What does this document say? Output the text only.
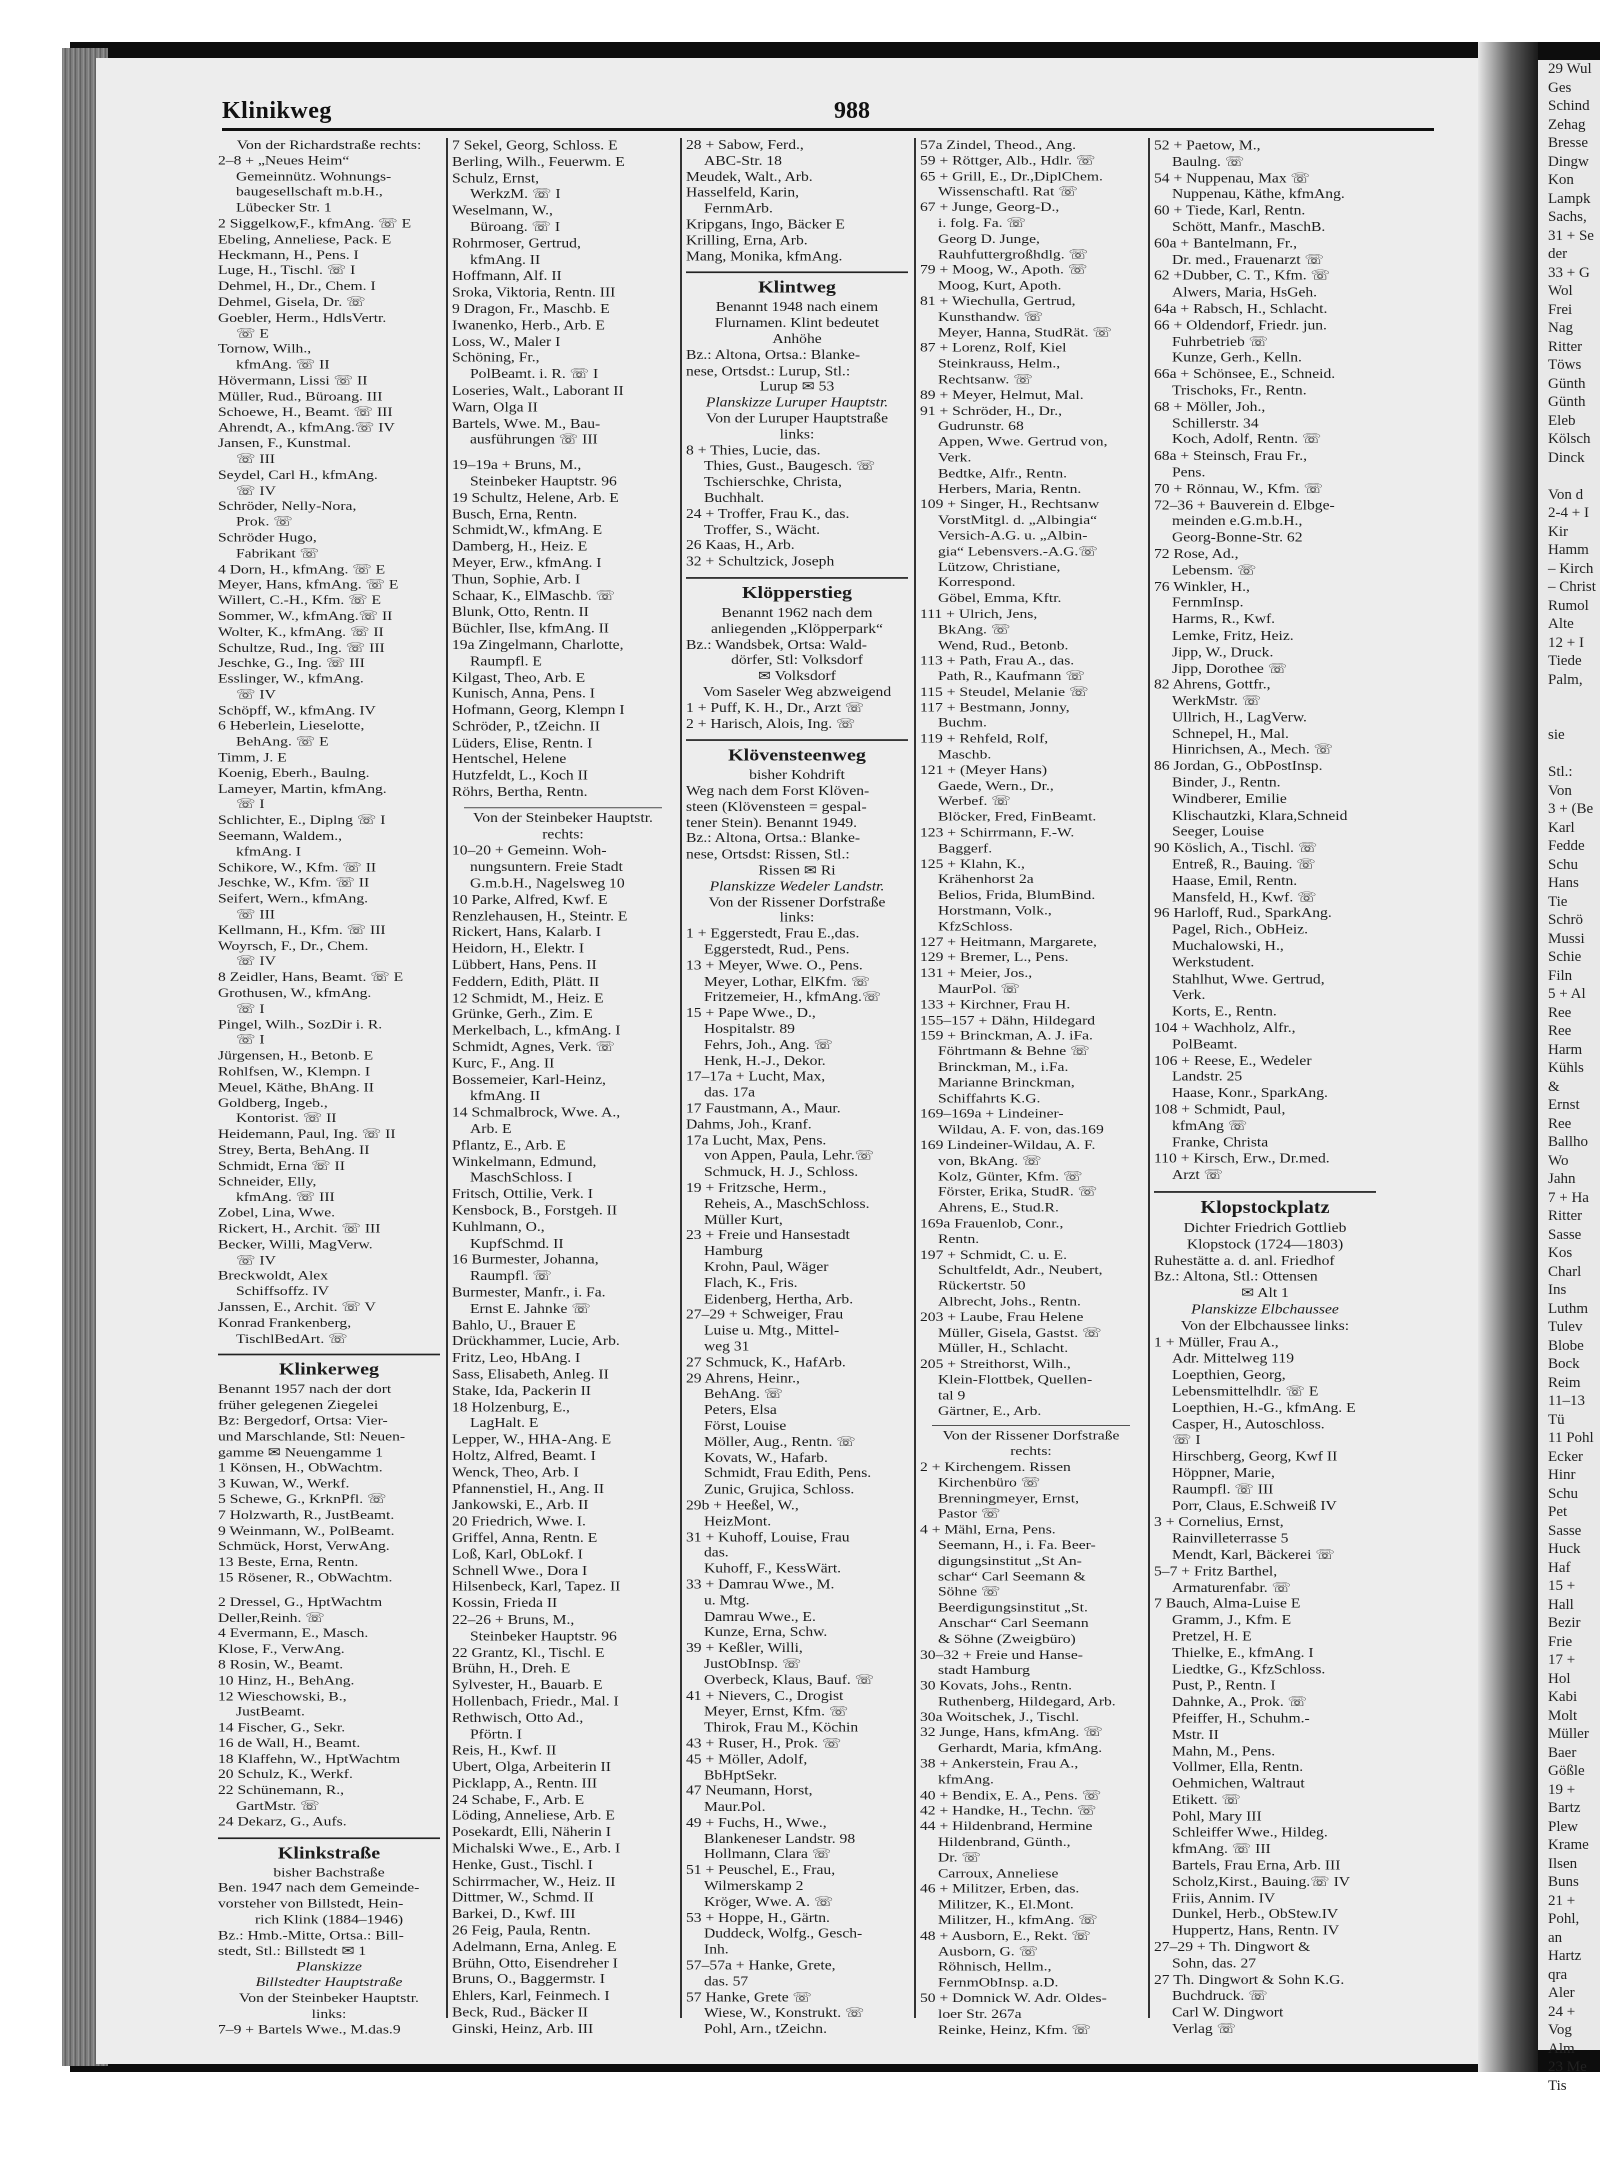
29 Wul
Ges
Schind
Zehag
Bresse
Dingw
Kon
Lampk
Sachs,
31 + Se
der
33 + G
Wol
Frei
Nag
Ritter
Töws
Günth
Günth
Eleb
Kölsch
Dinck

Von d
2-4 + I
Kir
Hamm
– Kirch
– Christ
Rumol
Alte
12 + I
Tiede
Palm,

sie

Stl.:
Von
3 + (Be
Karl
Fedde
Schu
Hans
Tie
Schrö
Mussi
Schie
Filn
5 + Al
Ree
Ree
Harm
Kühls
&
Ernst
Ree
Ballho
Wo
Jahn
7 + Ha
Ritter
Sasse
Kos
Charl
Ins
Luthm
Tulev
Blobe
Bock
Reim
11–13
Tü
11 Pohl
Ecker
Hinr
Schu
Pet
Sasse
Huck
Haf
15 +
Hall
Bezir
Frie
17 +
Hol
Kabi
Molt
Müller
Baer
Gößle
19 +
Bartz
Plew
Krame
Ilsen
Buns
21 +
Pohl,
an
Hartz
qra
Aler
24 +
Vog
Alm
23 Me
Tis
Klinikweg	988
Von der Richardstraße rechts:
2–8 + „Neues Heim“
Gemeinnütz. Wohnungs-
baugesellschaft m.b.H.,
Lübecker Str. 1
2 Siggelkow,F., kfmAng. ☏ E
Ebeling, Anneliese, Pack. E
Heckmann, H., Pens. I
Luge, H., Tischl. ☏ I
Dehmel, H., Dr., Chem. I
Dehmel, Gisela, Dr. ☏
Goebler, Herm., HdlsVertr.
☏ E
Tornow, Wilh.,
kfmAng. ☏ II
Hövermann, Lissi ☏ II
Müller, Rud., Büroang. III
Schoewe, H., Beamt. ☏ III
Ahrendt, A., kfmAng.☏ IV
Jansen, F., Kunstmal.
☏ III
Seydel, Carl H., kfmAng.
☏ IV
Schröder, Nelly-Nora,
Prok. ☏
Schröder Hugo,
Fabrikant ☏
4 Dorn, H., kfmAng. ☏ E
Meyer, Hans, kfmAng. ☏ E
Willert, C.-H., Kfm. ☏ E
Sommer, W., kfmAng.☏ II
Wolter, K., kfmAng. ☏ II
Schultze, Rud., Ing. ☏ III
Jeschke, G., Ing. ☏ III
Esslinger, W., kfmAng.
☏ IV
Schöpff, W., kfmAng. IV
6 Heberlein, Lieselotte,
BehAng. ☏ E
Timm, J. E
Koenig, Eberh., Baulng.
Lameyer, Martin, kfmAng.
☏ I
Schlichter, E., Diplng ☏ I
Seemann, Waldem.,
kfmAng. I
Schikore, W., Kfm. ☏ II
Jeschke, W., Kfm. ☏ II
Seifert, Wern., kfmAng.
☏ III
Kellmann, H., Kfm. ☏ III
Woyrsch, F., Dr., Chem.
☏ IV
8 Zeidler, Hans, Beamt. ☏ E
Grothusen, W., kfmAng.
☏ I
Pingel, Wilh., SozDir i. R.
☏ I
Jürgensen, H., Betonb. E
Rohlfsen, W., Klempn. I
Meuel, Käthe, BhAng. II
Goldberg, Ingeb.,
Kontorist. ☏ II
Heidemann, Paul, Ing. ☏ II
Strey, Berta, BehAng. II
Schmidt, Erna ☏ II
Schneider, Elly,
kfmAng. ☏ III
Zobel, Lina, Wwe.
Rickert, H., Archit. ☏ III
Becker, Willi, MagVerw.
☏ IV
Breckwoldt, Alex
Schiffsoffz. IV
Janssen, E., Archit. ☏ V
Konrad Frankenberg,
TischlBedArt. ☏
Klinkerweg
Benannt 1957 nach der dort
früher gelegenen Ziegelei
Bz: Bergedorf, Ortsa: Vier-
und Marschlande, Stl: Neuen-
gamme ✉ Neuengamme 1
1 Könsen, H., ObWachtm.
3 Kuwan, W., Werkf.
5 Schewe, G., KrknPfl. ☏
7 Holzwarth, R., JustBeamt.
9 Weinmann, W., PolBeamt.
Schmück, Horst, VerwAng.
13 Beste, Erna, Rentn.
15 Rösener, R., ObWachtm.
2 Dressel, G., HptWachtm
Deller,Reinh. ☏
4 Evermann, E., Masch.
Klose, F., VerwAng.
8 Rosin, W., Beamt.
10 Hinz, H., BehAng.
12 Wieschowski, B.,
JustBeamt.
14 Fischer, G., Sekr.
16 de Wall, H., Beamt.
18 Klaffehn, W., HptWachtm
20 Schulz, K., Werkf.
22 Schünemann, R.,
GartMstr. ☏
24 Dekarz, G., Aufs.
Klinkstraße
bisher Bachstraße
Ben. 1947 nach dem Gemeinde-
vorsteher von Billstedt, Hein-
rich Klink (1884–1946)
Bz.: Hmb.-Mitte, Ortsa.: Bill-
stedt, Stl.: Billstedt ✉ 1
Planskizze
Billstedter Hauptstraße
Von der Steinbeker Hauptstr.
links:
7–9 + Bartels Wwe., M.das.9
7 Sekel, Georg, Schloss. E
Berling, Wilh., Feuerwm. E
Schulz, Ernst,
WerkzM. ☏ I
Weselmann, W.,
Büroang. ☏ I
Rohrmoser, Gertrud,
kfmAng. II
Hoffmann, Alf. II
Sroka, Viktoria, Rentn. III
9 Dragon, Fr., Maschb. E
Iwanenko, Herb., Arb. E
Loss, W., Maler I
Schöning, Fr.,
PolBeamt. i. R. ☏ I
Loseries, Walt., Laborant II
Warn, Olga II
Bartels, Wwe. M., Bau-
ausführungen ☏ III
19–19a + Bruns, M.,
Steinbeker Hauptstr. 96
19 Schultz, Helene, Arb. E
Busch, Erna, Rentn.
Schmidt,W., kfmAng. E
Damberg, H., Heiz. E
Meyer, Erw., kfmAng. I
Thun, Sophie, Arb. I
Schaar, K., ElMaschb. ☏
Blunk, Otto, Rentn. II
Büchler, Ilse, kfmAng. II
19a Zingelmann, Charlotte,
Raumpfl. E
Kilgast, Theo, Arb. E
Kunisch, Anna, Pens. I
Hofmann, Georg, Klempn I
Schröder, P., tZeichn. II
Lüders, Elise, Rentn. I
Hentschel, Helene
Hutzfeldt, L., Koch II
Röhrs, Bertha, Rentn.
Von der Steinbeker Hauptstr.
rechts:
10–20 + Gemeinn. Woh-
nungsuntern. Freie Stadt
G.m.b.H., Nagelsweg 10
10 Parke, Alfred, Kwf. E
Renzlehausen, H., Steintr. E
Rickert, Hans, Kalarb. I
Heidorn, H., Elektr. I
Lübbert, Hans, Pens. II
Feddern, Edith, Plätt. II
12 Schmidt, M., Heiz. E
Grünke, Gerh., Zim. E
Merkelbach, L., kfmAng. I
Schmidt, Agnes, Verk. ☏
Kurc, F., Ang. II
Bossemeier, Karl-Heinz,
kfmAng. II
14 Schmalbrock, Wwe. A.,
Arb. E
Pflantz, E., Arb. E
Winkelmann, Edmund,
MaschSchloss. I
Fritsch, Ottilie, Verk. I
Kensbock, B., Forstgeh. II
Kuhlmann, O.,
KupfSchmd. II
16 Burmester, Johanna,
Raumpfl. ☏
Burmester, Manfr., i. Fa.
Ernst E. Jahnke ☏
Bahlo, U., Brauer E
Drückhammer, Lucie, Arb.
Fritz, Leo, HbAng. I
Sass, Elisabeth, Anleg. II
Stake, Ida, Packerin II
18 Holzenburg, E.,
LagHalt. E
Lepper, W., HHA-Ang. E
Holtz, Alfred, Beamt. I
Wenck, Theo, Arb. I
Pfannenstiel, H., Ang. II
Jankowski, E., Arb. II
20 Friedrich, Wwe. I.
Griffel, Anna, Rentn. E
Loß, Karl, ObLokf. I
Schnell Wwe., Dora I
Hilsenbeck, Karl, Tapez. II
Kossin, Frieda II
22–26 + Bruns, M.,
Steinbeker Hauptstr. 96
22 Grantz, Kl., Tischl. E
Brühn, H., Dreh. E
Sylvester, H., Bauarb. E
Hollenbach, Friedr., Mal. I
Rethwisch, Otto Ad.,
Pförtn. I
Reis, H., Kwf. II
Ubert, Olga, Arbeiterin II
Picklapp, A., Rentn. III
24 Schabe, F., Arb. E
Löding, Anneliese, Arb. E
Posekardt, Elli, Näherin I
Michalski Wwe., E., Arb. I
Henke, Gust., Tischl. I
Schirrmacher, W., Heiz. II
Dittmer, W., Schmd. II
Barkei, D., Kwf. III
26 Feig, Paula, Rentn.
Adelmann, Erna, Anleg. E
Brühn, Otto, Eisendreher I
Bruns, O., Baggermstr. I
Ehlers, Karl, Feinmech. I
Beck, Rud., Bäcker II
Ginski, Heinz, Arb. III
28 + Sabow, Ferd.,
ABC-Str. 18
Meudek, Walt., Arb.
Hasselfeld, Karin,
FernmArb.
Kripgans, Ingo, Bäcker E
Krilling, Erna, Arb.
Mang, Monika, kfmAng.
Klintweg
Benannt 1948 nach einem
Flurnamen. Klint bedeutet
Anhöhe
Bz.: Altona, Ortsa.: Blanke-
nese, Ortsdst.: Lurup, Stl.:
Lurup ✉ 53
Planskizze Luruper Hauptstr.
Von der Luruper Hauptstraße
links:
8 + Thies, Lucie, das.
Thies, Gust., Baugesch. ☏
Tschierschke, Christa,
Buchhalt.
24 + Troffer, Frau K., das.
Troffer, S., Wächt.
26 Kaas, H., Arb.
32 + Schultzick, Joseph
Klöpperstieg
Benannt 1962 nach dem
anliegenden „Klöpperpark“
Bz.: Wandsbek, Ortsa: Wald-
dörfer, Stl: Volksdorf
✉ Volksdorf
Vom Saseler Weg abzweigend
1 + Puff, K. H., Dr., Arzt ☏
2 + Harisch, Alois, Ing. ☏
Klövensteenweg
bisher Kohdrift
Weg nach dem Forst Klöven-
steen (Klövensteen = gespal-
tener Stein). Benannt 1949.
Bz.: Altona, Ortsa.: Blanke-
nese, Ortsdst: Rissen, Stl.:
Rissen ✉ Ri
Planskizze Wedeler Landstr.
Von der Rissener Dorfstraße
links:
1 + Eggerstedt, Frau E.,das.
Eggerstedt, Rud., Pens.
13 + Meyer, Wwe. O., Pens.
Meyer, Lothar, ElKfm. ☏
Fritzemeier, H., kfmAng.☏
15 + Pape Wwe., D.,
Hospitalstr. 89
Fehrs, Joh., Ang. ☏
Henk, H.-J., Dekor.
17–17a + Lucht, Max,
das. 17a
17 Faustmann, A., Maur.
Dahms, Joh., Kranf.
17a Lucht, Max, Pens.
von Appen, Paula, Lehr.☏
Schmuck, H. J., Schloss.
19 + Fritzsche, Herm.,
Reheis, A., MaschSchloss.
Müller Kurt,
23 + Freie und Hansestadt
Hamburg
Krohn, Paul, Wäger
Flach, K., Fris.
Eidenberg, Hertha, Arb.
27–29 + Schweiger, Frau
Luise u. Mtg., Mittel-
weg 31
27 Schmuck, K., HafArb.
29 Ahrens, Heinr.,
BehAng. ☏
Peters, Elsa
Först, Louise
Möller, Aug., Rentn. ☏
Kovats, W., Hafarb.
Schmidt, Frau Edith, Pens.
Zunic, Grujica, Schloss.
29b + Heeßel, W.,
HeizMont.
31 + Kuhoff, Louise, Frau
das.
Kuhoff, F., KessWärt.
33 + Damrau Wwe., M.
u. Mtg.
Damrau Wwe., E.
Kunze, Erna, Schw.
39 + Keßler, Willi,
JustObInsp. ☏
Overbeck, Klaus, Bauf. ☏
41 + Nievers, C., Drogist
Meyer, Ernst, Kfm. ☏
Thirok, Frau M., Köchin
43 + Ruser, H., Prok. ☏
45 + Möller, Adolf,
BbHptSekr.
47 Neumann, Horst,
Maur.Pol.
49 + Fuchs, H., Wwe.,
Blankeneser Landstr. 98
Hollmann, Clara ☏
51 + Peuschel, E., Frau,
Wilmerskamp 2
Kröger, Wwe. A. ☏
53 + Hoppe, H., Gärtn.
Duddeck, Wolfg., Gesch-
Inh.
57–57a + Hanke, Grete,
das. 57
57 Hanke, Grete ☏
Wiese, W., Konstrukt. ☏
Pohl, Arn., tZeichn.
57a Zindel, Theod., Ang.
59 + Röttger, Alb., Hdlr. ☏
65 + Grill, E., Dr.,DiplChem.
Wissenschaftl. Rat ☏
67 + Junge, Georg-D.,
i. folg. Fa. ☏
Georg D. Junge,
Rauhfuttergroßhdlg. ☏
79 + Moog, W., Apoth. ☏
Moog, Kurt, Apoth.
81 + Wiechulla, Gertrud,
Kunsthandw. ☏
Meyer, Hanna, StudRät. ☏
87 + Lorenz, Rolf, Kiel
Steinkrauss, Helm.,
Rechtsanw. ☏
89 + Meyer, Helmut, Mal.
91 + Schröder, H., Dr.,
Gudrunstr. 68
Appen, Wwe. Gertrud von,
Verk.
Bedtke, Alfr., Rentn.
Herbers, Maria, Rentn.
109 + Singer, H., Rechtsanw
VorstMitgl. d. „Albingia“
Versich-A.G. u. „Albin-
gia“ Lebensvers.-A.G.☏
Lützow, Christiane,
Korrespond.
Göbel, Emma, Kftr.
111 + Ulrich, Jens,
BkAng. ☏
Wend, Rud., Betonb.
113 + Path, Frau A., das.
Path, R., Kaufmann ☏
115 + Steudel, Melanie ☏
117 + Bestmann, Jonny,
Buchm.
119 + Rehfeld, Rolf,
Maschb.
121 + (Meyer Hans)
Gaede, Wern., Dr.,
Werbef. ☏
Blöcker, Fred, FinBeamt.
123 + Schirrmann, F.-W.
Baggerf.
125 + Klahn, K.,
Krähenhorst 2a
Belios, Frida, BlumBind.
Horstmann, Volk.,
KfzSchloss.
127 + Heitmann, Margarete,
129 + Bremer, L., Pens.
131 + Meier, Jos.,
MaurPol. ☏
133 + Kirchner, Frau H.
155–157 + Dähn, Hildegard
159 + Brinckman, A. J. iFa.
Föhrtmann & Behne ☏
Brinckman, M., i.Fa.
Marianne Brinckman,
Schiffahrts K.G.
169–169a + Lindeiner-
Wildau, A. F. von, das.169
169 Lindeiner-Wildau, A. F.
von, BkAng. ☏
Kolz, Günter, Kfm. ☏
Förster, Erika, StudR. ☏
Ahrens, E., Stud.R.
169a Frauenlob, Conr.,
Rentn.
197 + Schmidt, C. u. E.
Schultfeldt, Adr., Neubert,
Rückertstr. 50
Albrecht, Johs., Rentn.
203 + Laube, Frau Helene
Müller, Gisela, Gastst. ☏
Müller, H., Schlacht.
205 + Streithorst, Wilh.,
Klein-Flottbek, Quellen-
tal 9
Gärtner, E., Arb.
Von der Rissener Dorfstraße
rechts:
2 + Kirchengem. Rissen
Kirchenbüro ☏
Brenningmeyer, Ernst,
Pastor ☏
4 + Mähl, Erna, Pens.
Seemann, H., i. Fa. Beer-
digungsinstitut „St An-
schar“ Carl Seemann &
Söhne ☏
Beerdigungsinstitut „St.
Anschar“ Carl Seemann
& Söhne (Zweigbüro)
30–32 + Freie und Hanse-
stadt Hamburg
30 Kovats, Johs., Rentn.
Ruthenberg, Hildegard, Arb.
30a Woitschek, J., Tischl.
32 Junge, Hans, kfmAng. ☏
Gerhardt, Maria, kfmAng.
38 + Ankerstein, Frau A.,
kfmAng.
40 + Bendix, E. A., Pens. ☏
42 + Handke, H., Techn. ☏
44 + Hildenbrand, Hermine
Hildenbrand, Günth.,
Dr. ☏
Carroux, Anneliese
46 + Militzer, Erben, das.
Militzer, K., El.Mont.
Militzer, H., kfmAng. ☏
48 + Ausborn, E., Rekt. ☏
Ausborn, G. ☏
Röhnisch, Hellm.,
FernmObInsp. a.D.
50 + Domnick W. Adr. Oldes-
loer Str. 267a
Reinke, Heinz, Kfm. ☏
52 + Paetow, M.,
Baulng. ☏
54 + Nuppenau, Max ☏
Nuppenau, Käthe, kfmAng.
60 + Tiede, Karl, Rentn.
Schött, Manfr., MaschB.
60a + Bantelmann, Fr.,
Dr. med., Frauenarzt ☏
62 +Dubber, C. T., Kfm. ☏
Alwers, Maria, HsGeh.
64a + Rabsch, H., Schlacht.
66 + Oldendorf, Friedr. jun.
Fuhrbetrieb ☏
Kunze, Gerh., Kelln.
66a + Schönsee, E., Schneid.
Trischoks, Fr., Rentn.
68 + Möller, Joh.,
Schillerstr. 34
Koch, Adolf, Rentn. ☏
68a + Steinsch, Frau Fr.,
Pens.
70 + Rönnau, W., Kfm. ☏
72–36 + Bauverein d. Elbge-
meinden e.G.m.b.H.,
Georg-Bonne-Str. 62
72 Rose, Ad.,
Lebensm. ☏
76 Winkler, H.,
FernmInsp.
Harms, R., Kwf.
Lemke, Fritz, Heiz.
Jipp, W., Druck.
Jipp, Dorothee ☏
82 Ahrens, Gottfr.,
WerkMstr. ☏
Ullrich, H., LagVerw.
Schnepel, H., Mal.
Hinrichsen, A., Mech. ☏
86 Jordan, G., ObPostInsp.
Binder, J., Rentn.
Windberer, Emilie
Klischautzki, Klara,Schneid
Seeger, Louise
90 Köslich, A., Tischl. ☏
Entreß, R., Bauing. ☏
Haase, Emil, Rentn.
Mansfeld, H., Kwf. ☏
96 Harloff, Rud., SparkAng.
Pagel, Rich., ObHeiz.
Muchalowski, H.,
Werkstudent.
Stahlhut, Wwe. Gertrud,
Verk.
Korts, E., Rentn.
104 + Wachholz, Alfr.,
PolBeamt.
106 + Reese, E., Wedeler
Landstr. 25
Haase, Konr., SparkAng.
108 + Schmidt, Paul,
kfmAng ☏
Franke, Christa
110 + Kirsch, Erw., Dr.med.
Arzt ☏
Klopstockplatz
Dichter Friedrich Gottlieb
Klopstock (1724—1803)
Ruhestätte a. d. anl. Friedhof
Bz.: Altona, Stl.: Ottensen
✉ Alt 1
Planskizze Elbchaussee
Von der Elbchaussee links:
1 + Müller, Frau A.,
Adr. Mittelweg 119
Loepthien, Georg,
Lebensmittelhdlr. ☏ E
Loepthien, H.-G., kfmAng. E
Casper, H., Autoschloss.
☏ I
Hirschberg, Georg, Kwf II
Höppner, Marie,
Raumpfl. ☏ III
Porr, Claus, E.Schweiß IV
3 + Cornelius, Ernst,
Rainvilleterrasse 5
Mendt, Karl, Bäckerei ☏
5–7 + Fritz Barthel,
Armaturenfabr. ☏
7 Bauch, Alma-Luise E
Gramm, J., Kfm. E
Pretzel, H. E
Thielke, E., kfmAng. I
Liedtke, G., KfzSchloss.
Pust, P., Rentn. I
Dahnke, A., Prok. ☏
Pfeiffer, H., Schuhm.-
Mstr. II
Mahn, M., Pens.
Vollmer, Ella, Rentn.
Oehmichen, Waltraut
Etikett. ☏
Pohl, Mary III
Schleiffer Wwe., Hildeg.
kfmAng. ☏ III
Bartels, Frau Erna, Arb. III
Scholz,Kirst., Bauing.☏ IV
Friis, Annim. IV
Dunkel, Herb., ObStew.IV
Huppertz, Hans, Rentn. IV
27–29 + Th. Dingwort &
Sohn, das. 27
27 Th. Dingwort & Sohn K.G.
Buchdruck. ☏
Carl W. Dingwort
Verlag ☏
